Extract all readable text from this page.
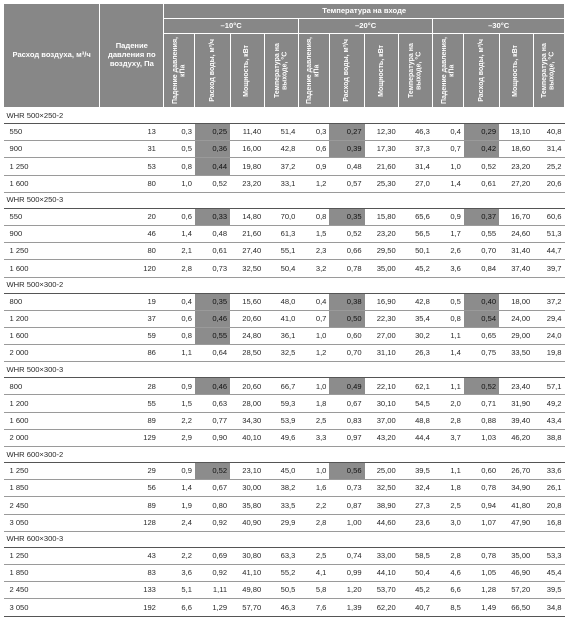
Расход воздуха, м³/ч	Падение давления по воздуху, Па	Температура на входе											
		–10°C				–20°C				–30°C			

		Падение давления, кПа	Расход воды, м³/ч	Мощность, кВт	Температура на выходе, °C	Падение давления, кПа	Расход воды, м³/ч	Мощность, кВт	Температура на выходе, °C	Падение давления, кПа	Расход воды, м³/ч	Мощность, кВт	Температура на выходе, °C

WHR 500×250-2													
550	13	0,3	0,25	11,40	51,4	0,3	0,27	12,30	46,3	0,4	0,29	13,10	40,8
900	31	0,5	0,36	16,00	42,8	0,6	0,39	17,30	37,3	0,7	0,42	18,60	31,4
1 250	53	0,8	0,44	19,80	37,2	0,9	0,48	21,60	31,4	1,0	0,52	23,20	25,2
1 600	80	1,0	0,52	23,20	33,1	1,2	0,57	25,30	27,0	1,4	0,61	27,20	20,6
WHR 500×250-3													
550	20	0,6	0,33	14,80	70,0	0,8	0,35	15,80	65,6	0,9	0,37	16,70	60,6
900	46	1,4	0,48	21,60	61,3	1,5	0,52	23,20	56,5	1,7	0,55	24,60	51,3
1 250	80	2,1	0,61	27,40	55,1	2,3	0,66	29,50	50,1	2,6	0,70	31,40	44,7
1 600	120	2,8	0,73	32,50	50,4	3,2	0,78	35,00	45,2	3,6	0,84	37,40	39,7
WHR 500×300-2													
800	19	0,4	0,35	15,60	48,0	0,4	0,38	16,90	42,8	0,5	0,40	18,00	37,2
1 200	37	0,6	0,46	20,60	41,0	0,7	0,50	22,30	35,4	0,8	0,54	24,00	29,4
1 600	59	0,8	0,55	24,80	36,1	1,0	0,60	27,00	30,2	1,1	0,65	29,00	24,0
2 000	86	1,1	0,64	28,50	32,5	1,2	0,70	31,10	26,3	1,4	0,75	33,50	19,8
WHR 500×300-3													
800	28	0,9	0,46	20,60	66,7	1,0	0,49	22,10	62,1	1,1	0,52	23,40	57,1
1 200	55	1,5	0,63	28,00	59,3	1,8	0,67	30,10	54,5	2,0	0,71	31,90	49,2
1 600	89	2,2	0,77	34,30	53,9	2,5	0,83	37,00	48,8	2,8	0,88	39,40	43,4
2 000	129	2,9	0,90	40,10	49,6	3,3	0,97	43,20	44,4	3,7	1,03	46,20	38,8
WHR 600×300-2													
1 250	29	0,9	0,52	23,10	45,0	1,0	0,56	25,00	39,5	1,1	0,60	26,70	33,6
1 850	56	1,4	0,67	30,00	38,2	1,6	0,73	32,50	32,4	1,8	0,78	34,90	26,1
2 450	89	1,9	0,80	35,80	33,5	2,2	0,87	38,90	27,3	2,5	0,94	41,80	20,8
3 050	128	2,4	0,92	40,90	29,9	2,8	1,00	44,60	23,6	3,0	1,07	47,90	16,8
WHR 600×300-3													
1 250	43	2,2	0,69	30,80	63,3	2,5	0,74	33,00	58,5	2,8	0,78	35,00	53,3
1 850	83	3,6	0,92	41,10	55,2	4,1	0,99	44,10	50,4	4,6	1,05	46,90	45,4
2 450	133	5,1	1,11	49,80	50,5	5,8	1,20	53,70	45,2	6,6	1,28	57,20	39,5
3 050	192	6,6	1,29	57,70	46,3	7,6	1,39	62,20	40,7	8,5	1,49	66,50	34,8
